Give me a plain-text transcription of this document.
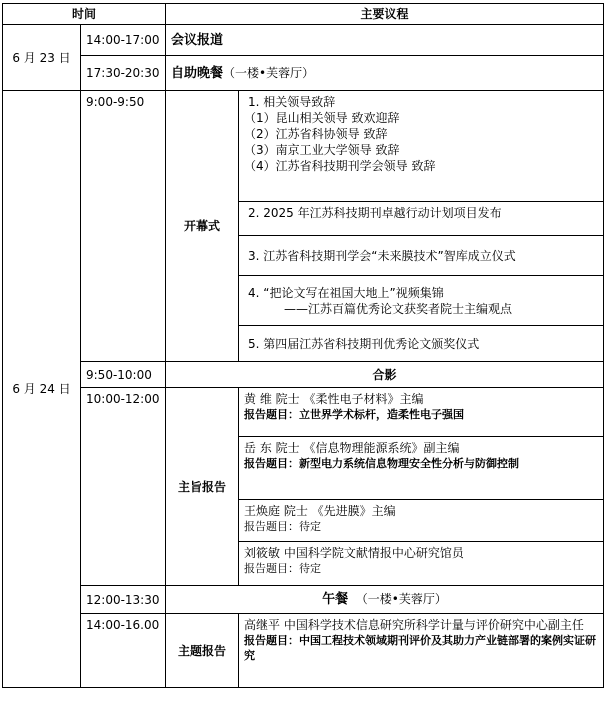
时间		主要议程	
6 月 23 日	14:00-17:00	会议报道	
	17:30-20:30	自助晚餐（一楼•芙蓉厅）	
6 月 24 日	9:00-9:50	开幕式	1. 相关领导致辞
（1）昆山相关领导 致欢迎辞
（2）江苏省科协领导 致辞
（3）南京工业大学领导 致辞
（4）江苏省科技期刊学会领导 致辞

			2. 2025 年江苏科技期刊卓越行动计划项目发布

			3. 江苏省科技期刊学会“未来膜技术”智库成立仪式

			4. “把论文写在祖国大地上”视频集锦
——江苏百篇优秀论文获奖者院士主编观点

			5. 第四届江苏省科技期刊优秀论文颁奖仪式

	9:50-10:00	合影	
	10:00-12:00	主旨报告	黄 维 院士 《柔性电子材料》主编
报告题目：立世界学术标杆，造柔性电子强国

			岳 东 院士 《信息物理能源系统》副主编
报告题目：新型电力系统信息物理安全性分析与防御控制

			王焕庭 院士 《先进膜》主编
报告题目：待定

			刘筱敏 中国科学院文献情报中心研究馆员
报告题目：待定

	12:00-13:30	午餐 （一楼•芙蓉厅）	
	14:00-16.00	主题报告	高继平 中国科学技术信息研究所科学计量与评价研究中心副主任
报告题目：中国工程技术领域期刊评价及其助力产业链部署的案例实证研究
